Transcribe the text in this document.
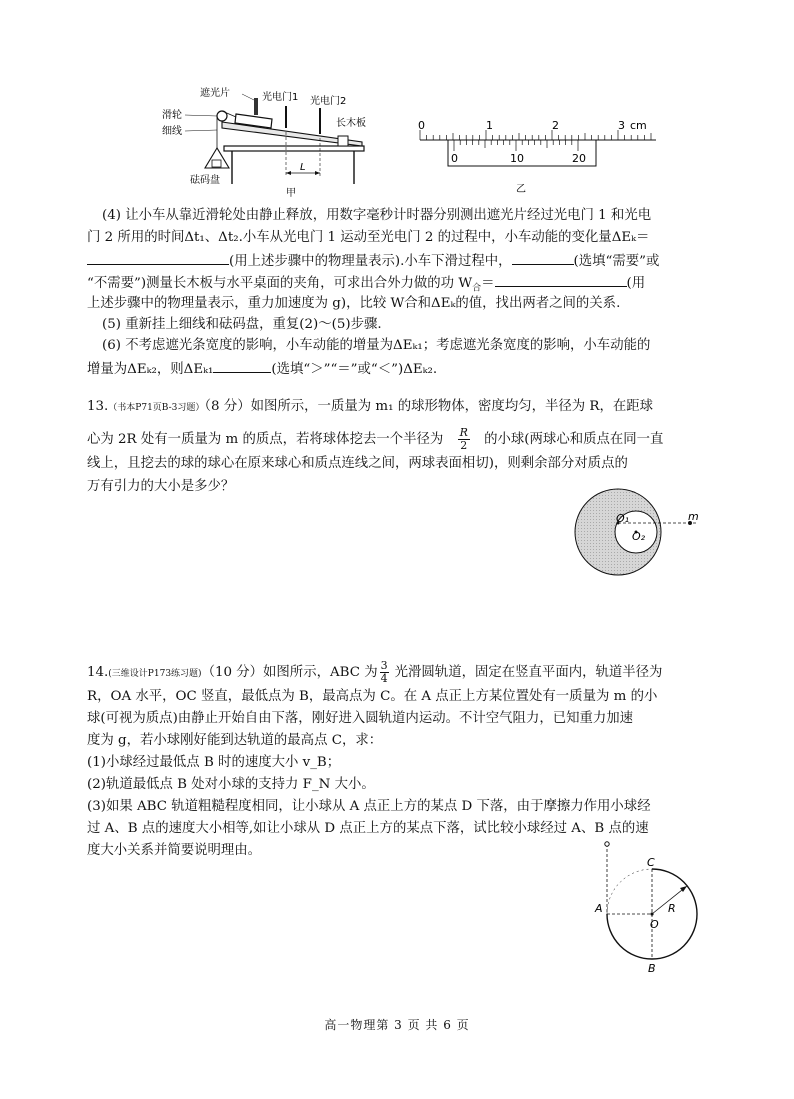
遮光片	光电门1 光电门2
滑轮
细线
长木板
砝码盘
L
甲
0	1	2	3 cm
0	10	20
乙
(4) 让小车从靠近滑轮处由静止释放，用数字毫秒计时器分别测出遮光片经过光电门 1 和光电
门 2 所用的时间Δt₁、Δt₂.小车从光电门 1 运动至光电门 2 的过程中，小车动能的变化量ΔEₖ＝
(用上述步骤中的物理量表示).小车下滑过程中，	(选填“需要”或
“不需要”)测量长木板与水平桌面的夹角，可求出合外力做的功 $W_合=$	(用
上述步骤中的物理量表示，重力加速度为 g)，比较 W合和ΔEₖ的值，找出两者之间的关系.
(5) 重新挂上细线和砝码盘，重复(2)～(5)步骤.
(6) 不考虑遮光条宽度的影响，小车动能的增量为ΔEₖ₁；考虑遮光条宽度的影响，小车动能的
增量为ΔEₖ₂，则ΔEₖ₁	(选填“＞”“＝”或“＜”)ΔEₖ₂.
13.（书本P71页B-3习题）（8 分）如图所示，一质量为 m₁ 的球形物体，密度均匀，半径为 R，在距球
心为 2R 处有一质量为 m 的质点，若将球体挖去一个半径为 $\frac{R}{2}$ 的小球(两球心和质点在同一直
线上，且挖去的球的球心在原来球心和质点连线之间，两球表面相切)，则剩余部分对质点的
万有引力的大小是多少？
O₁
O₂
m
14.(三维设计P173练习题)（10 分）如图所示，ABC 为 $\frac{3}{4}$ 光滑圆轨道，固定在竖直平面内，轨道半径为
R，OA 水平，OC 竖直，最低点为 B，最高点为 C。在 A 点正上方某位置处有一质量为 m 的小
球(可视为质点)由静止开始自由下落，刚好进入圆轨道内运动。不计空气阻力，已知重力加速
度为 g，若小球刚好能到达轨道的最高点 C，求：
(1)小球经过最低点 B 时的速度大小 v_B；
(2)轨道最低点 B 处对小球的支持力 F_N 大小。
(3)如果 ABC 轨道粗糙程度相同，让小球从 A 点正上方的某点 D 下落，由于摩擦力作用小球经
过 A、B 点的速度大小相等,如让小球从 D 点正上方的某点下落，试比较小球经过 A、B 点的速
度大小关系并简要说明理由。
A
B
C
O
R
高一物理第 3 页 共 6 页
